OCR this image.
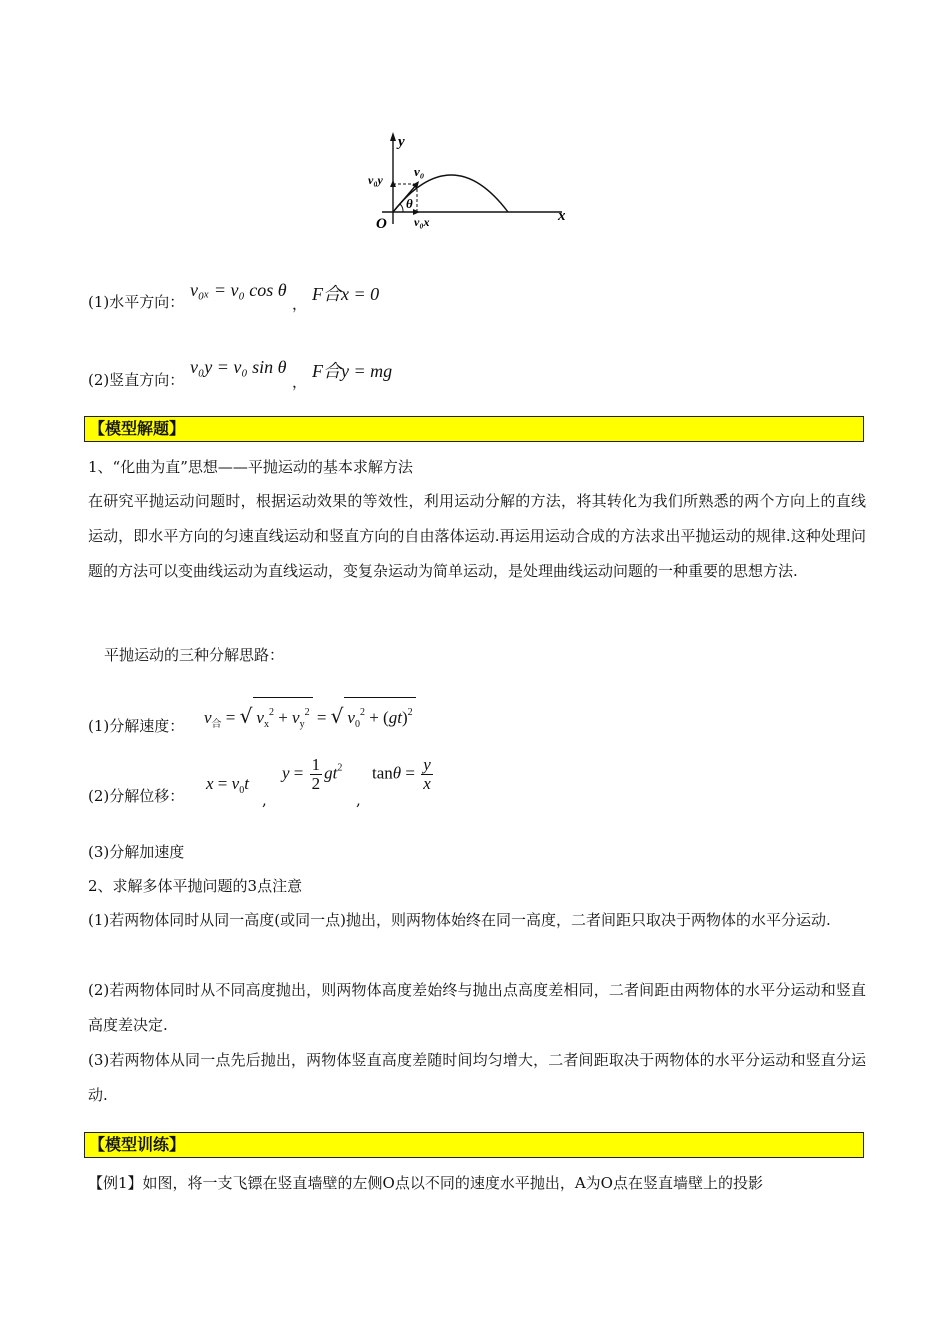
y
x
O
v₀
v₀y
v₀x
θ
(1)水平方向：
v₀ₓ = v₀ cos θ
， F合x = 0
(2)竖直方向：
v₀y = v₀ sin θ
，
F合y = mg
【模型解题】
1、“化曲为直”思想——平抛运动的基本求解方法
在研究平抛运动问题时，根据运动效果的等效性，利用运动分解的方法，将其转化为我们所熟悉的两个方向上的直线运动，即水平方向的匀速直线运动和竖直方向的自由落体运动.再运用运动合成的方法求出平抛运动的规律.这种处理问题的方法可以变曲线运动为直线运动，变复杂运动为简单运动，是处理曲线运动问题的一种重要的思想方法.
平抛运动的三种分解思路：
(1)分解速度： $v_合$ = √ $v_x^2 + v_y^2$ = √ $v_0^2 + (gt)^2$
(2)分解位移：
$x = v_0t$
,
$y = \frac{1}{2} gt^2$
,
$\tan\theta = \frac{y}{x}$
(3)分解加速度
2、求解多体平抛问题的3点注意
(1)若两物体同时从同一高度(或同一点)抛出，则两物体始终在同一高度，二者间距只取决于两物体的水平分运动.
(2)若两物体同时从不同高度抛出，则两物体高度差始终与抛出点高度差相同，二者间距由两物体的水平分运动和竖直高度差决定.
(3)若两物体从同一点先后抛出，两物体竖直高度差随时间均匀增大，二者间距取决于两物体的水平分运动和竖直分运动.
【模型训练】
【例1】如图，将一支飞镖在竖直墙壁的左侧O点以不同的速度水平抛出，A为O点在竖直墙壁上的投影
